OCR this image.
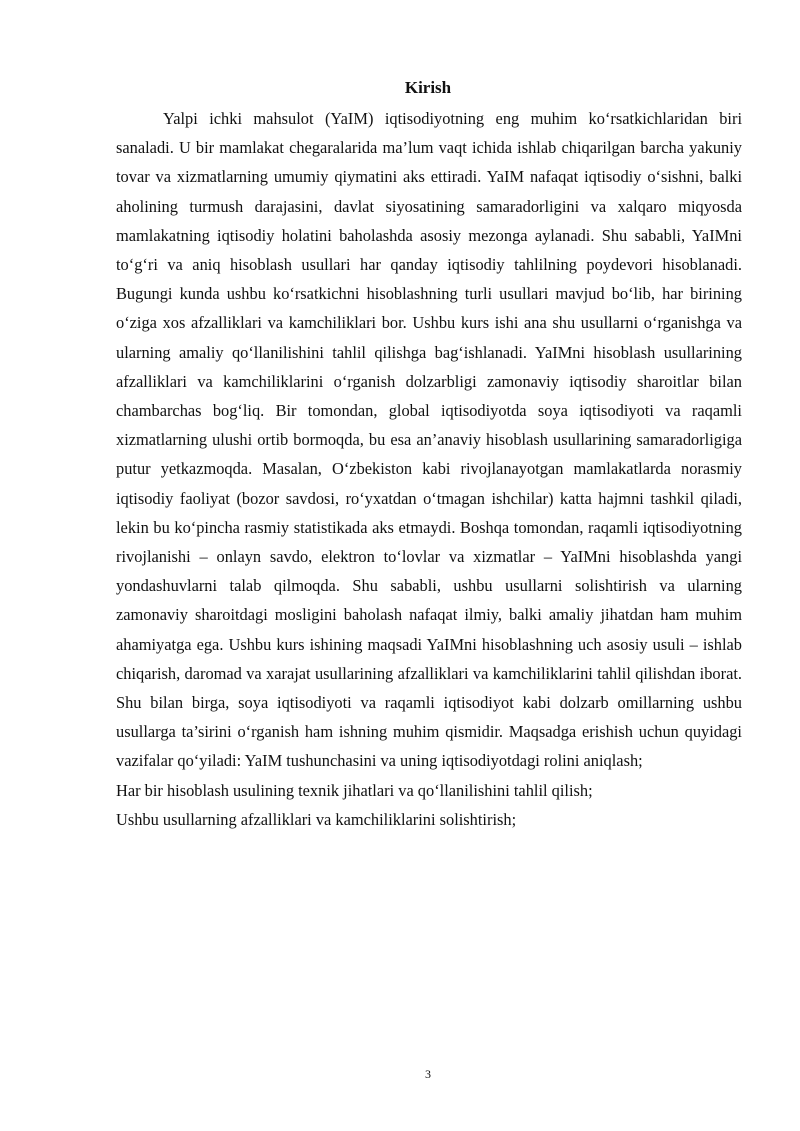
Kirish

Yalpi ichki mahsulot (YaIM) iqtisodiyotning eng muhim ko‘rsatkichlaridan biri sanaladi. U bir mamlakat chegaralarida ma’lum vaqt ichida ishlab chiqarilgan barcha yakuniy tovar va xizmatlarning umumiy qiymatini aks ettiradi. YaIM nafaqat iqtisodiy o‘sishni, balki aholining turmush darajasini, davlat siyosatining samaradorligini va xalqaro miqyosda mamlakatning iqtisodiy holatini baholashda asosiy mezonga aylanadi. Shu sababli, YaIMni to‘g‘ri va aniq hisoblash usullari har qanday iqtisodiy tahlilning poydevori hisoblanadi. Bugungi kunda ushbu ko‘rsatkichni hisoblashning turli usullari mavjud bo‘lib, har birining o‘ziga xos afzalliklari va kamchiliklari bor. Ushbu kurs ishi ana shu usullarni o‘rganishga va ularning amaliy qo‘llanilishini tahlil qilishga bag‘ishlanadi. YaIMni hisoblash usullarining afzalliklari va kamchiliklarini o‘rganish dolzarbligi zamonaviy iqtisodiy sharoitlar bilan chambarchas bog‘liq. Bir tomondan, global iqtisodiyotda soya iqtisodiyoti va raqamli xizmatlarning ulushi ortib bormoqda, bu esa an’anaviy hisoblash usullarining samaradorligiga putur yetkazmoqda. Masalan, O‘zbekiston kabi rivojlanayotgan mamlakatlarda norasmiy iqtisodiy faoliyat (bozor savdosi, ro‘yxatdan o‘tmagan ishchilar) katta hajmni tashkil qiladi, lekin bu ko‘pincha rasmiy statistikada aks etmaydi. Boshqa tomondan, raqamli iqtisodiyotning rivojlanishi – onlayn savdo, elektron to‘lovlar va xizmatlar – YaIMni hisoblashda yangi yondashuvlarni talab qilmoqda. Shu sababli, ushbu usullarni solishtirish va ularning zamonaviy sharoitdagi mosligini baholash nafaqat ilmiy, balki amaliy jihatdan ham muhim ahamiyatga ega. Ushbu kurs ishining maqsadi YaIMni hisoblashning uch asosiy usuli – ishlab chiqarish, daromad va xarajat usullarining afzalliklari va kamchiliklarini tahlil qilishdan iborat. Shu bilan birga, soya iqtisodiyoti va raqamli iqtisodiyot kabi dolzarb omillarning ushbu usullarga ta’sirini o‘rganish ham ishning muhim qismidir. Maqsadga erishish uchun quyidagi vazifalar qo‘yiladi: YaIM tushunchasini va uning iqtisodiyotdagi rolini aniqlash;

Har bir hisoblash usulining texnik jihatlari va qo‘llanilishini tahlil qilish;

Ushbu usullarning afzalliklari va kamchiliklarini solishtirish;

3
